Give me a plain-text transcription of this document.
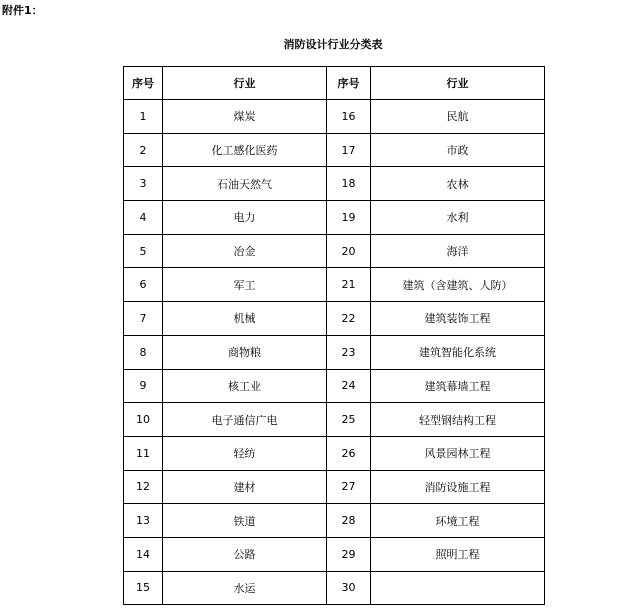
附件1：
消防设计行业分类表
序号	行业	序号	行业
1	煤炭	16	民航
2	化工感化医药	17	市政
3	石油天然气	18	农林
4	电力	19	水利
5	冶金	20	海洋
6	军工	21	建筑（含建筑、人防）
7	机械	22	建筑装饰工程
8	商物粮	23	建筑智能化系统
9	核工业	24	建筑幕墙工程
10	电子通信广电	25	轻型钢结构工程
11	轻纺	26	风景园林工程
12	建材	27	消防设施工程
13	铁道	28	环境工程
14	公路	29	照明工程
15	水运	30	
